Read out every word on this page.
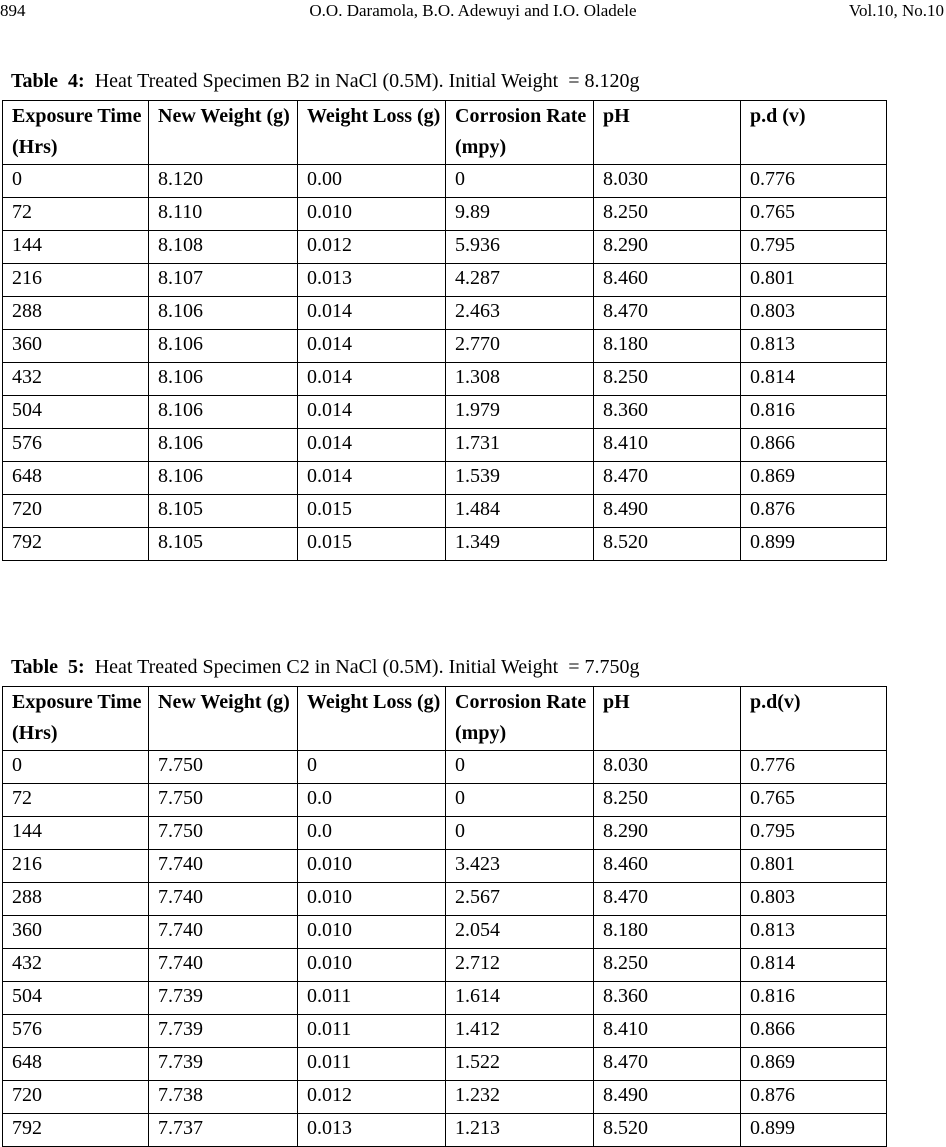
894	O.O. Daramola, B.O. Adewuyi and I.O. Oladele	Vol.10, No.10
Table  4:  Heat Treated Specimen B2 in NaCl (0.5M). Initial Weight  = 8.120g
Exposure Time (Hrs)	New Weight (g)	Weight Loss (g)	Corrosion Rate (mpy)	pH	p.d (v)
0	8.120	0.00	0	8.030	0.776
72	8.110	0.010	9.89	8.250	0.765
144	8.108	0.012	5.936	8.290	0.795
216	8.107	0.013	4.287	8.460	0.801
288	8.106	0.014	2.463	8.470	0.803
360	8.106	0.014	2.770	8.180	0.813
432	8.106	0.014	1.308	8.250	0.814
504	8.106	0.014	1.979	8.360	0.816
576	8.106	0.014	1.731	8.410	0.866
648	8.106	0.014	1.539	8.470	0.869
720	8.105	0.015	1.484	8.490	0.876
792	8.105	0.015	1.349	8.520	0.899
Table  5:  Heat Treated Specimen C2 in NaCl (0.5M). Initial Weight  = 7.750g
Exposure Time (Hrs)	New Weight (g)	Weight Loss (g)	Corrosion Rate (mpy)	pH	p.d(v)
0	7.750	0	0	8.030	0.776
72	7.750	0.0	0	8.250	0.765
144	7.750	0.0	0	8.290	0.795
216	7.740	0.010	3.423	8.460	0.801
288	7.740	0.010	2.567	8.470	0.803
360	7.740	0.010	2.054	8.180	0.813
432	7.740	0.010	2.712	8.250	0.814
504	7.739	0.011	1.614	8.360	0.816
576	7.739	0.011	1.412	8.410	0.866
648	7.739	0.011	1.522	8.470	0.869
720	7.738	0.012	1.232	8.490	0.876
792	7.737	0.013	1.213	8.520	0.899
